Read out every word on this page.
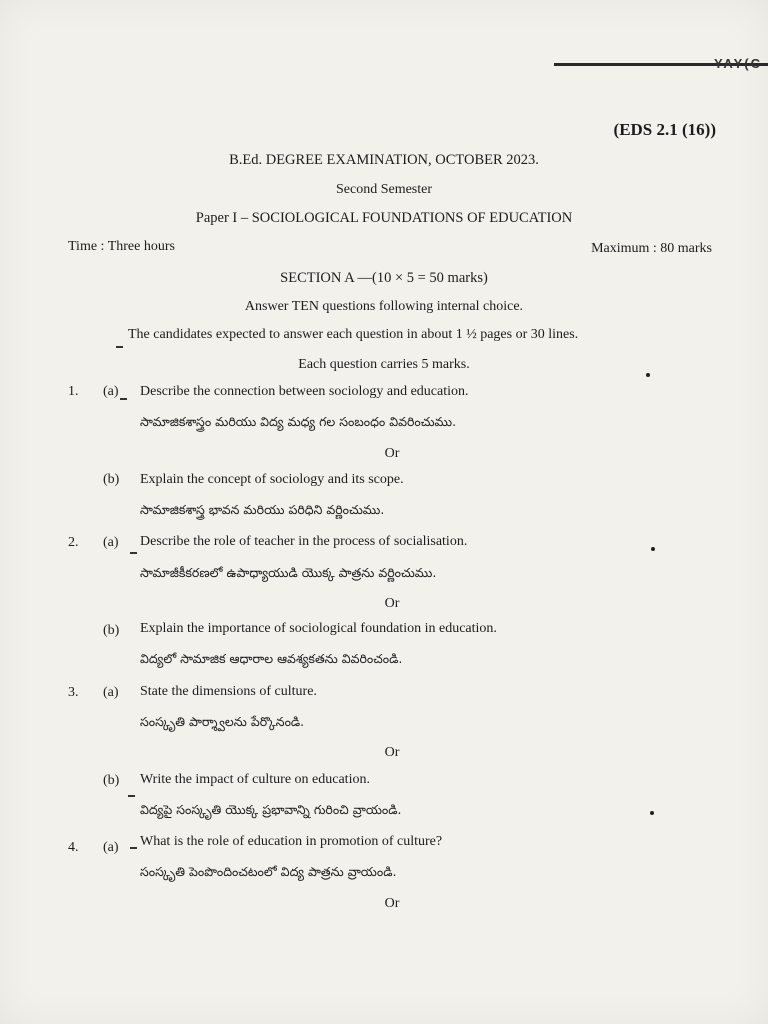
YAY(C
(EDS 2.1 (16))
B.Ed. DEGREE EXAMINATION, OCTOBER 2023.
Second Semester
Paper I – SOCIOLOGICAL FOUNDATIONS OF EDUCATION
Time : Three hours	Maximum : 80 marks
SECTION A —(10 × 5 = 50 marks)
Answer TEN questions following internal choice.
The candidates expected to answer each question in about 1 ½ pages or 30 lines.
Each question carries 5 marks.
1. (a) Describe the connection between sociology and education.
సామాజికశాస్త్రం మరియు విద్య మధ్య గల సంబంధం వివరించుము.
Or
(b) Explain the concept of sociology and its scope.
సామాజికశాస్త్ర భావన మరియు పరిధిని వర్ణించుము.
2. (a) Describe the role of teacher in the process of socialisation.
సామాజీకీకరణలో ఉపాధ్యాయుడి యొక్క పాత్రను వర్ణించుము.
Or
(b) Explain the importance of sociological foundation in education.
విద్యలో సామాజిక ఆధారాల ఆవశ్యకతను వివరించండి.
3. (a) State the dimensions of culture.
సంస్కృతి పార్శ్వాలను పేర్కొనండి.
Or
(b) Write the impact of culture on education.
విద్యపై సంస్కృతి యొక్క ప్రభావాన్ని గురించి వ్రాయండి.
4. (a) What is the role of education in promotion of culture?
సంస్కృతి పెంపొందించటంలో విద్య పాత్రను వ్రాయండి.
Or
